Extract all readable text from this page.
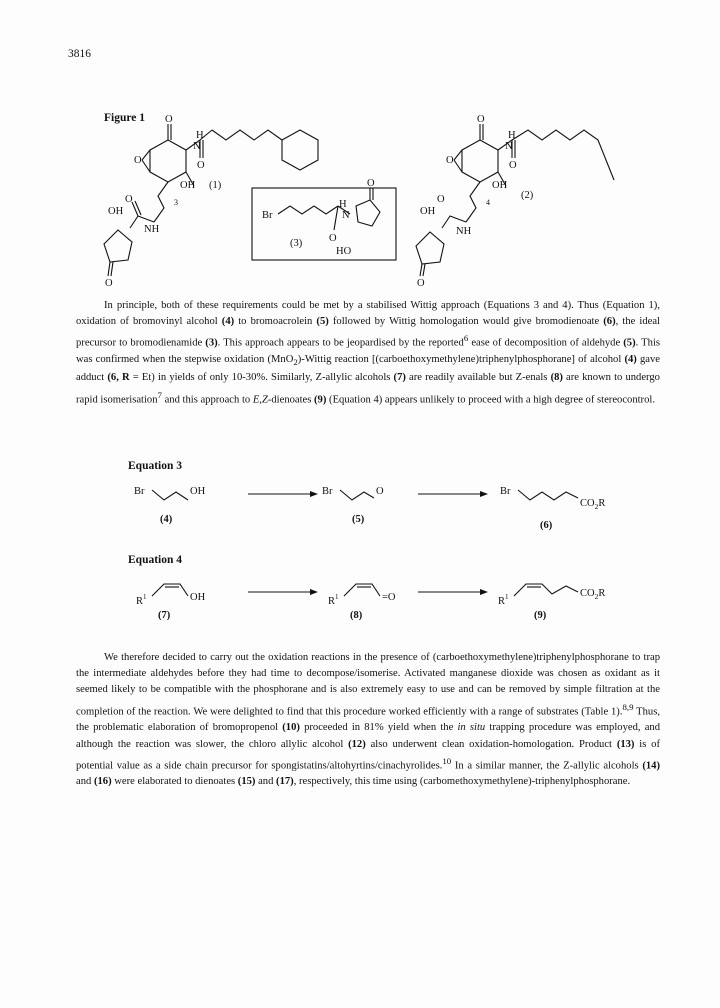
3816
Figure 1 O
H
N
O
O
OH (1)
3
O
OH
NH
O
O
H
N
O
O
OH
(2)
4
O
OH
NH
O
Br
H
N
O
(3)	O
HO

In principle, both of these requirements could be met by a stabilised Wittig approach (Equations 3 and 4). Thus (Equation 1), oxidation of bromovinyl alcohol (4) to bromoacrolein (5) followed by Wittig homologation would give bromodienoate (6), the ideal precursor to bromodienamide (3). This approach appears to be jeopardised by the reported$^6$ ease of decomposition of aldehyde (5). This was confirmed when the stepwise oxidation (MnO$_2$)-Wittig reaction [(carboethoxymethylene)triphenylphosphorane] of alcohol (4) gave adduct (6, R = Et) in yields of only 10-30%. Similarly, Z-allylic alcohols (7) are readily available but Z-enals (8) are known to undergo rapid isomerisation$^7$ and this approach to E,Z-dienoates (9) (Equation 4) appears unlikely to proceed with a high degree of stereocontrol.

Equation 3
Br	OH
(4)
Br	O
(5)
Br
$CO_2R$
(6)
Equation 4
$R^1$	OH
(7)
$R^1$	=O
(8)
$R^1$	$CO_2R$
(9)

We therefore decided to carry out the oxidation reactions in the presence of (carboethoxymethylene)triphenylphosphorane to trap the intermediate aldehydes before they had time to decompose/isomerise. Activated manganese dioxide was chosen as oxidant as it seemed likely to be compatible with the phosphorane and is also extremely easy to use and can be removed by simple filtration at the completion of the reaction. We were delighted to find that this procedure worked efficiently with a range of substrates (Table 1).$^{8,9}$ Thus, the problematic elaboration of bromopropenol (10) proceeded in 81% yield when the in situ trapping procedure was employed, and although the reaction was slower, the chloro allylic alcohol (12) also underwent clean oxidation-homologation. Product (13) is of potential value as a side chain precursor for spongistatins/altohyrtins/cinachyrolides.$^{10}$ In a similar manner, the Z-allylic alcohols (14) and (16) were elaborated to dienoates (15) and (17), respectively, this time using (carbomethoxymethylene)-triphenylphosphorane.
